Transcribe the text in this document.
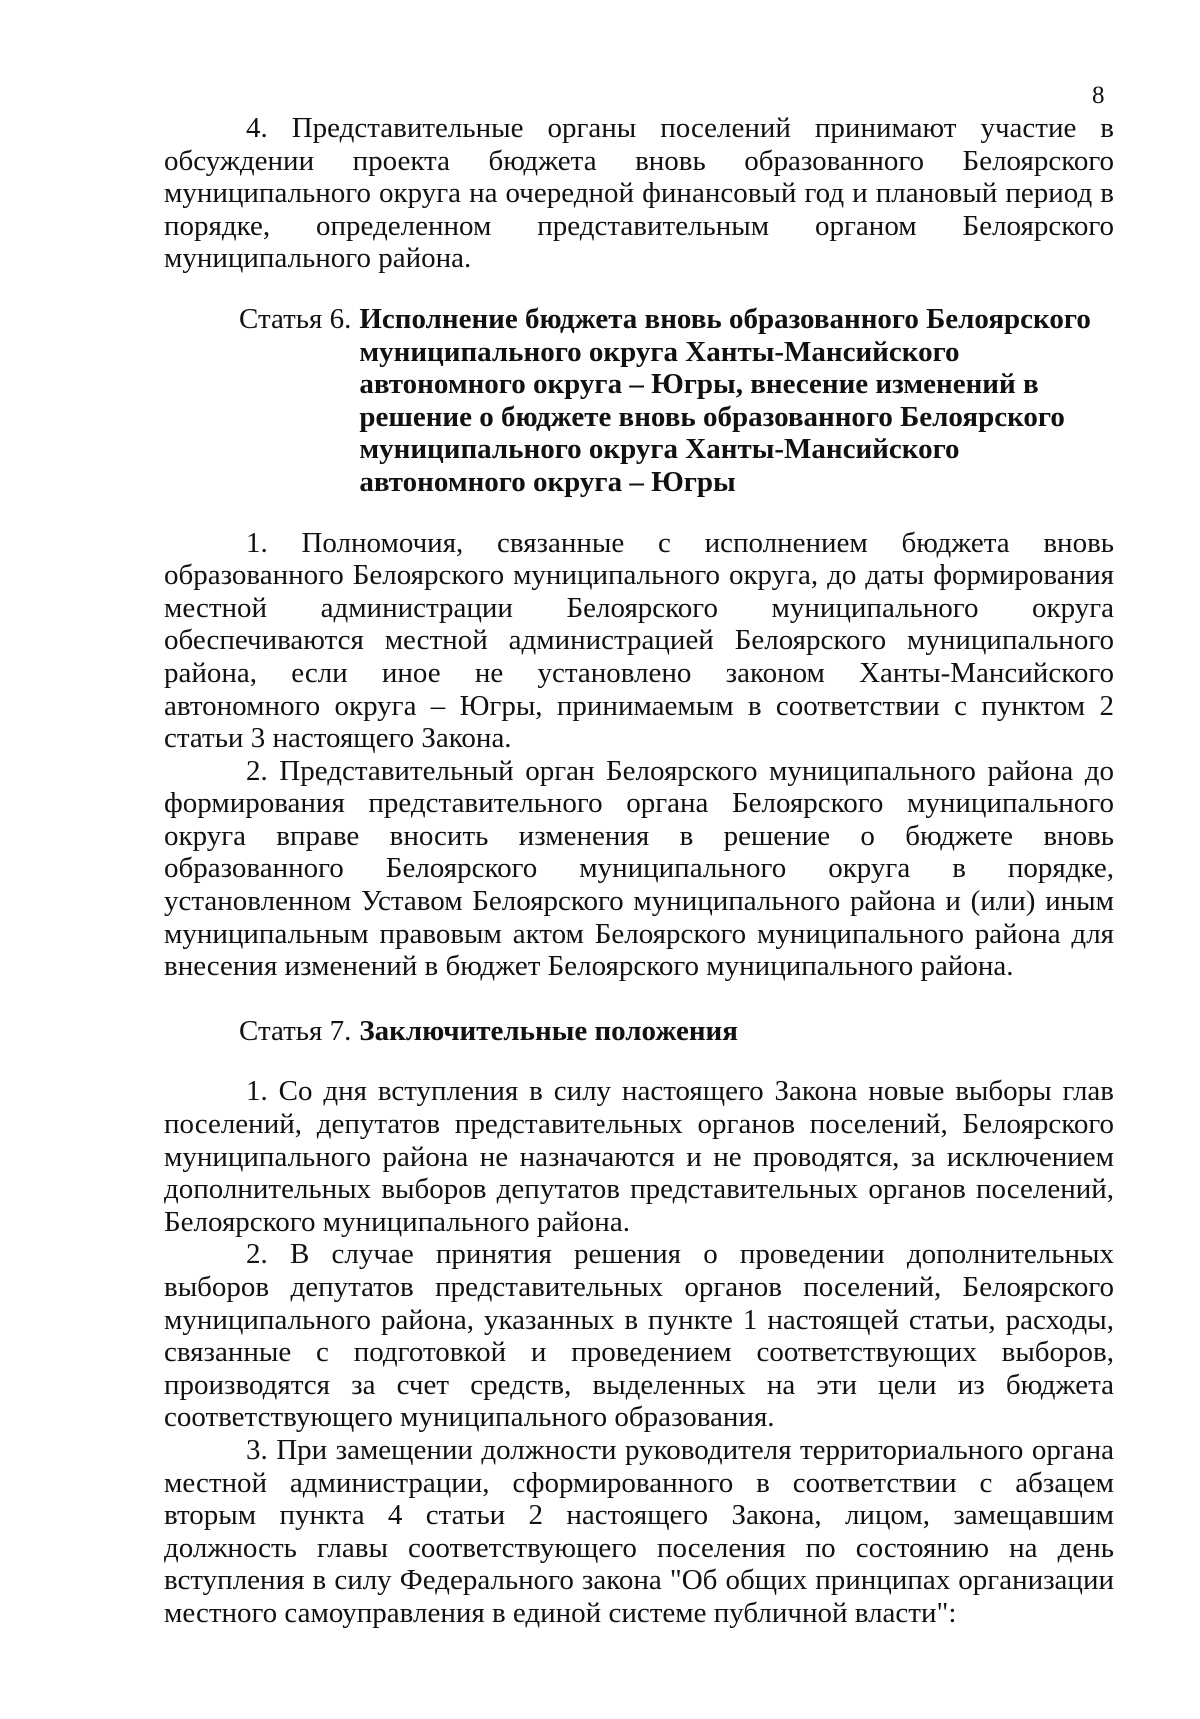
8

4. Представительные органы поселений принимают участие в обсуждении проекта бюджета вновь образованного Белоярского муниципального округа на очередной финансовый год и плановый период в порядке, определенном представительным органом Белоярского муниципального района.

Статья 6. Исполнение бюджета вновь образованного Белоярского муниципального округа Ханты-Мансийского автономного округа – Югры, внесение изменений в решение о бюджете вновь образованного Белоярского муниципального округа Ханты-Мансийского автономного округа – Югры

1. Полномочия, связанные с исполнением бюджета вновь образованного Белоярского муниципального округа, до даты формирования местной администрации Белоярского муниципального округа обеспечиваются местной администрацией Белоярского муниципального района, если иное не установлено законом Ханты-Мансийского автономного округа – Югры, принимаемым в соответствии с пунктом 2 статьи 3 настоящего Закона.

2. Представительный орган Белоярского муниципального района до формирования представительного органа Белоярского муниципального округа вправе вносить изменения в решение о бюджете вновь образованного Белоярского муниципального округа в порядке, установленном Уставом Белоярского муниципального района и (или) иным муниципальным правовым актом Белоярского муниципального района для внесения изменений в бюджет Белоярского муниципального района.

Статья 7. Заключительные положения

1. Со дня вступления в силу настоящего Закона новые выборы глав поселений, депутатов представительных органов поселений, Белоярского муниципального района не назначаются и не проводятся, за исключением дополнительных выборов депутатов представительных органов поселений, Белоярского муниципального района.

2. В случае принятия решения о проведении дополнительных выборов депутатов представительных органов поселений, Белоярского муниципального района, указанных в пункте 1 настоящей статьи, расходы, связанные с подготовкой и проведением соответствующих выборов, производятся за счет средств, выделенных на эти цели из бюджета соответствующего муниципального образования.

3. При замещении должности руководителя территориального органа местной администрации, сформированного в соответствии с абзацем вторым пункта 4 статьи 2 настоящего Закона, лицом, замещавшим должность главы соответствующего поселения по состоянию на день вступления в силу Федерального закона "Об общих принципах организации местного самоуправления в единой системе публичной власти":
